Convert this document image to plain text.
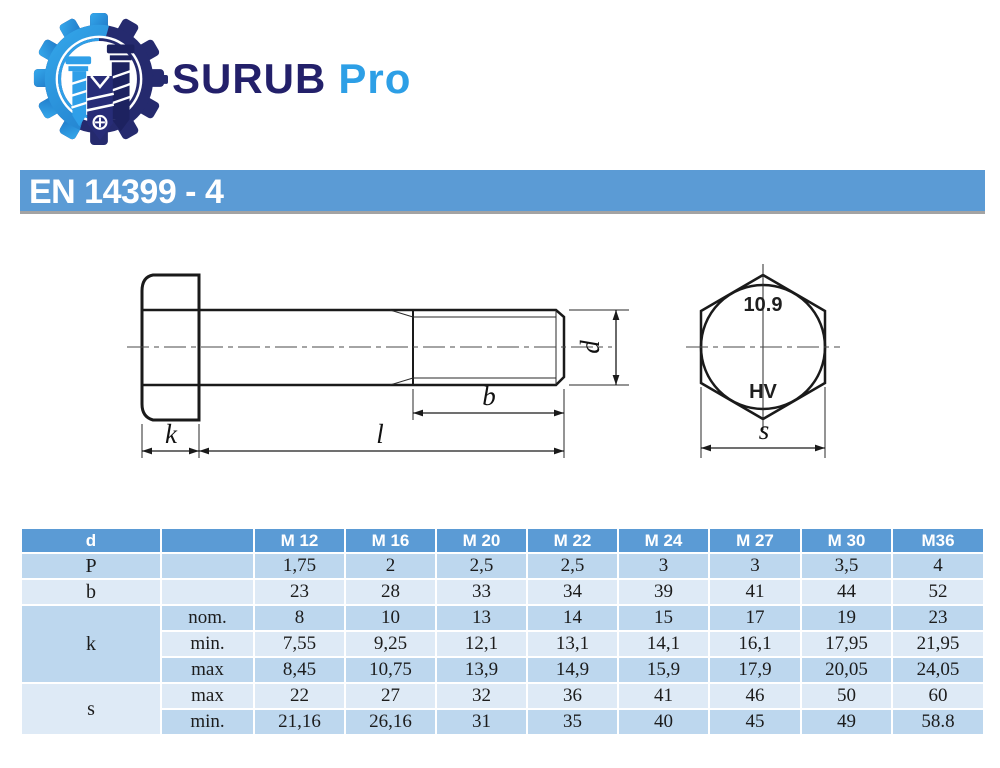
SURUB Pro
EN 14399 - 4
d
b
k	l
10.9
HV
s
d		M 12	M 16	M 20	M 22	M 24	M 27	M 30	M36
P		1,75	2	2,5	2,5	3	3	3,5	4
b		23	28	33	34	39	41	44	52
k	nom.	8	10	13	14	15	17	19	23
	min.	7,55	9,25	12,1	13,1	14,1	16,1	17,95	21,95
	max	8,45	10,75	13,9	14,9	15,9	17,9	20,05	24,05
s	max	22	27	32	36	41	46	50	60
	min.	21,16	26,16	31	35	40	45	49	58.8
